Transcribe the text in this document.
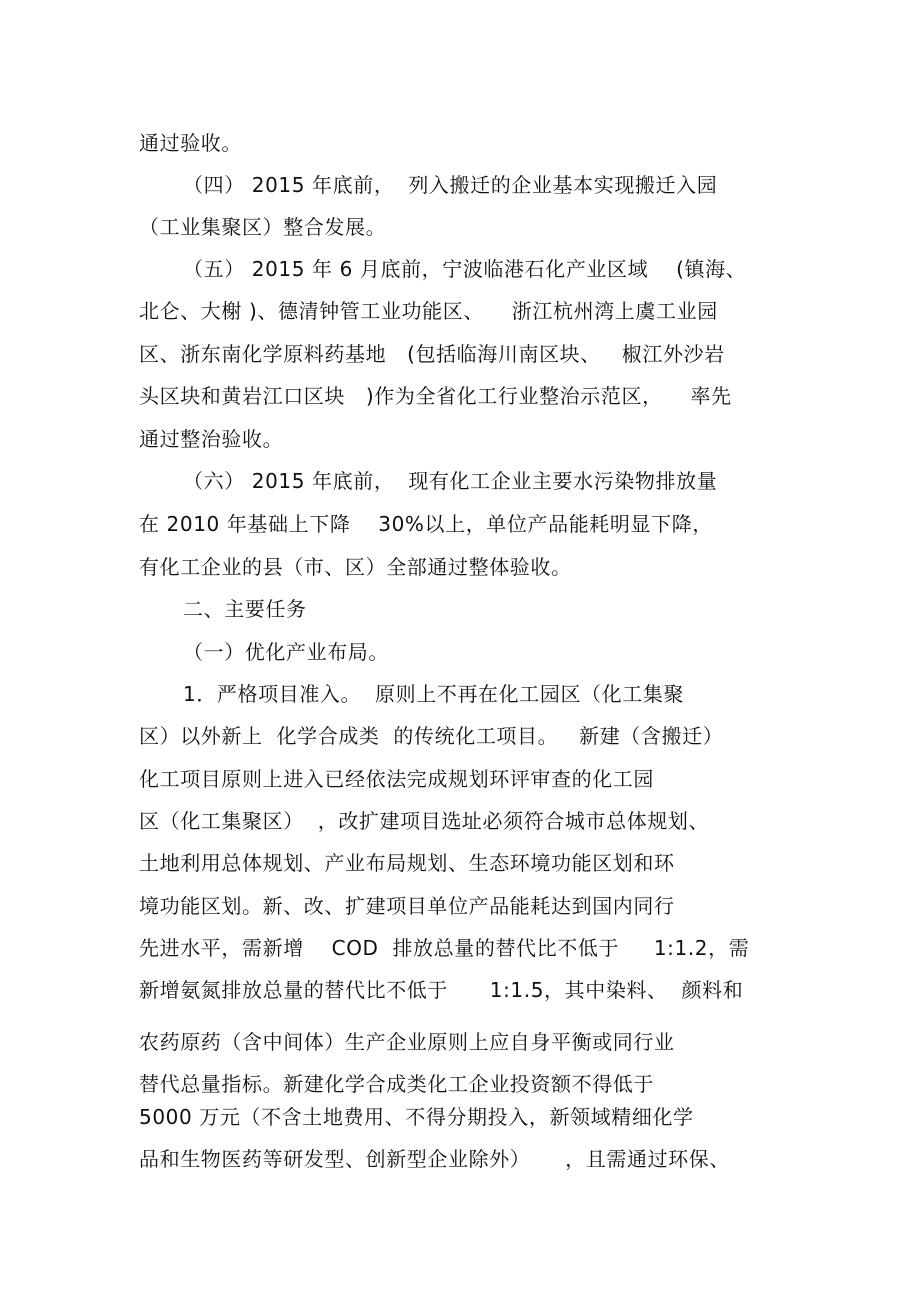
通过验收。
（四） 2015 年底前，  列入搬迁的企业基本实现搬迁入园
（工业集聚区）整合发展。
（五） 2015 年 6 月底前，宁波临港石化产业区域    (镇海、
北仑、大榭 )、德清钟管工业功能区、    浙江杭州湾上虞工业园
区、浙东南化学原料药基地   (包括临海川南区块、   椒江外沙岩
头区块和黄岩江口区块   )作为全省化工行业整治示范区，    率先
通过整治验收。
（六） 2015 年底前，  现有化工企业主要水污染物排放量
在 2010 年基础上下降    30%以上，单位产品能耗明显下降，
有化工企业的县（市、区）全部通过整体验收。
二、主要任务
（一）优化产业布局。
1．严格项目准入。  原则上不再在化工园区（化工集聚
区）以外新上  化学合成类  的传统化工项目。   新建（含搬迁）
化工项目原则上进入已经依法完成规划环评审查的化工园
区（化工集聚区）  ，改扩建项目选址必须符合城市总体规划、
土地利用总体规划、产业布局规划、生态环境功能区划和环
境功能区划。新、改、扩建项目单位产品能耗达到国内同行
先进水平，需新增    COD  排放总量的替代比不低于     1:1.2，需
新增氨氮排放总量的替代比不低于      1:1.5，其中染料、  颜料和
农药原药（含中间体）生产企业原则上应自身平衡或同行业
替代总量指标。新建化学合成类化工企业投资额不得低于
5000 万元（不含土地费用、不得分期投入，新领域精细化学
品和生物医药等研发型、创新型企业除外）     ，且需通过环保、
